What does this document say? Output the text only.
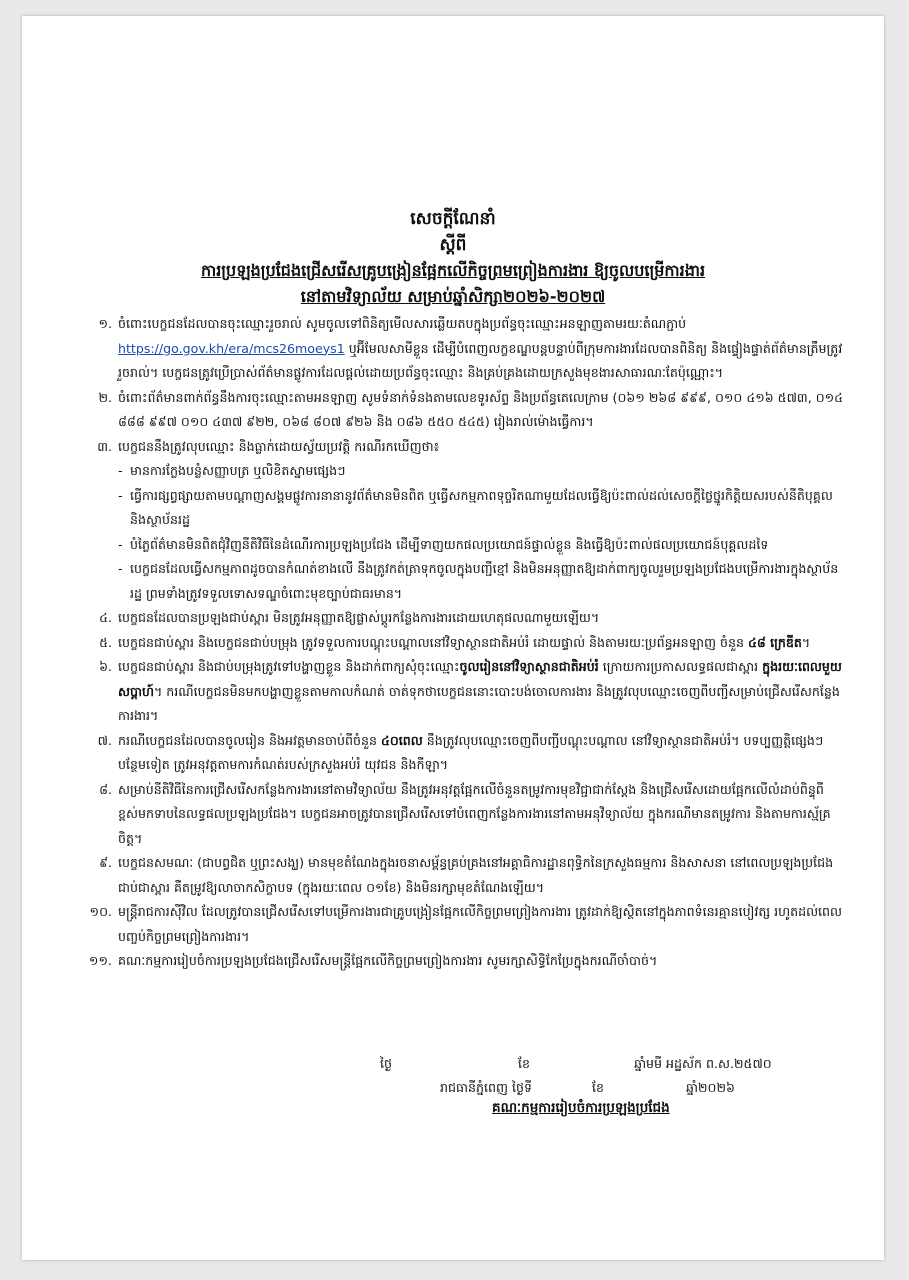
សេចក្ដីណែនាំ
ស្ដីពី
ការប្រឡងប្រជែងជ្រើសរើសគ្រូបង្រៀនផ្អែកលើកិច្ចព្រមព្រៀងការងារ ឱ្យចូលបម្រើការងារ
នៅតាមវិទ្យាល័យ សម្រាប់ឆ្នាំសិក្សា២០២៦-២០២៧
១. ចំពោះបេក្ខជនដែលបានចុះឈ្មោះរួចរាល់ សូមចូលទៅពិនិត្យមើលសារឆ្លើយតបក្នុងប្រព័ន្ធចុះឈ្មោះអនឡាញតាមរយៈតំណភ្ជាប់ https://go.gov.kh/era/mcs26moeys1 ឬអ៊ីមែលសាមីខ្លួន ដើម្បីបំពេញលក្ខខណ្ឌបន្តបន្ទាប់ពីក្រុមការងារដែលបានពិនិត្យ និងផ្ទៀងផ្ទាត់ព័ត៌មានត្រឹមត្រូវរួចរាល់។ បេក្ខជនត្រូវប្រើប្រាស់ព័ត៌មានផ្លូវការដែលផ្ដល់ដោយប្រព័ន្ធចុះឈ្មោះ និងគ្រប់គ្រងដោយក្រសួងមុខងារសាធារណៈតែប៉ុណ្ណោះ។
២. ចំពោះព័ត៌មានពាក់ព័ន្ធនឹងការចុះឈ្មោះតាមអនឡាញ សូមទំនាក់ទំនងតាមលេខទូរស័ព្ទ និងប្រព័ន្ធតេលេក្រាម (០៦១ ២៦៨ ៩៩៩, ០១០ ៤១៦ ៥៧៣, ០១៤ ៨៨៨ ៩៩៧ ០១០ ៤៣៧ ៩២២, ០៦៨ ៨០៧ ៩២៦ និង ០៨៦ ៥៥០ ៥៤៥) រៀងរាល់ម៉ោងធ្វើការ។
៣. បេក្ខជននឹងត្រូវលុបឈ្មោះ និងធ្លាក់ដោយស្វ័យប្រវត្តិ ករណីរកឃើញថា៖
- មានការក្លែងបន្លំសញ្ញាបត្រ ឬលិខិតស្នាមផ្សេងៗ
- ធ្វើការផ្សព្វផ្សាយតាមបណ្ដាញសង្គមផ្លូវការនានានូវព័ត៌មានមិនពិត ឬធ្វើសកម្មភាពទុច្ចរិតណាមួយដែលធ្វើឱ្យប៉ះពាល់ដល់សេចក្ដីថ្លៃថ្នូរកិត្តិយសរបស់នីតិបុគ្គល និងស្ថាប័នរដ្ឋ
- បំភ្លៃព័ត៌មានមិនពិតជុំវិញនីតិវិធីនៃដំណើរការប្រឡងប្រជែង ដើម្បីទាញយកផលប្រយោជន៍ផ្ទាល់ខ្លួន និងធ្វើឱ្យប៉ះពាល់ផលប្រយោជន៍បុគ្គលដទៃ
- បេក្ខជនដែលធ្វើសកម្មភាពដូចបានកំណត់ខាងលើ នឹងត្រូវកត់ត្រាទុកចូលក្នុងបញ្ជីខ្មៅ និងមិនអនុញ្ញាតឱ្យដាក់ពាក្យចូលរួមប្រឡងប្រជែងបម្រើការងារក្នុងស្ថាប័នរដ្ឋ ព្រមទាំងត្រូវទទួលទោសទណ្ឌចំពោះមុខច្បាប់ជាធរមាន។
៤. បេក្ខជនដែលបានប្រឡងជាប់ស្ពារ មិនត្រូវអនុញ្ញាតឱ្យផ្លាស់ប្ដូរកន្លែងការងារដោយហេតុផលណាមួយឡើយ។
៥. បេក្ខជនជាប់ស្ពារ និងបេក្ខជនជាប់បម្រុង ត្រូវទទួលការបណ្ដុះបណ្ដាលនៅវិទ្យាស្ថានជាតិអប់រំ ដោយផ្ទាល់ និងតាមរយៈប្រព័ន្ធអនឡាញ ចំនួន ៤៨ ក្រេឌីត។
៦. បេក្ខជនជាប់ស្ពារ និងជាប់បម្រុងត្រូវទៅបង្ហាញខ្លួន និងដាក់ពាក្យសុំចុះឈ្មោះចូលរៀននៅវិទ្យាស្ថានជាតិអប់រំ ក្រោយការប្រកាសលទ្ធផលជាស្ពារ ក្នុងរយៈពេលមួយសប្ដាហ៍។ ករណីបេក្ខជនមិនមកបង្ហាញខ្លួនតាមកាលកំណត់ ចាត់ទុកថាបេក្ខជននោះបោះបង់ចោលការងារ និងត្រូវលុបឈ្មោះចេញពីបញ្ជីសម្រាប់ជ្រើសរើសកន្លែងការងារ។
៧. ករណីបេក្ខជនដែលបានចូលរៀន និងអវត្តមានចាប់ពីចំនួន ៤០ពេល នឹងត្រូវលុបឈ្មោះចេញពីបញ្ជីបណ្ដុះបណ្ដាល នៅវិទ្យាស្ថានជាតិអប់រំ។ បទប្បញ្ញត្តិផ្សេងៗបន្ថែមទៀត ត្រូវអនុវត្តតាមការកំណត់របស់ក្រសួងអប់រំ យុវជន និងកីឡា។
៨. សម្រាប់នីតិវិធីនៃការជ្រើសរើសកន្លែងការងារនៅតាមវិទ្យាល័យ នឹងត្រូវអនុវត្តផ្អែកលើចំនួនតម្រូវការមុខវិជ្ជាជាក់ស្ដែង និងជ្រើសរើសដោយផ្អែកលើលំដាប់ពិន្ទុពីខ្ពស់មកទាបនៃលទ្ធផលប្រឡងប្រជែង។ បេក្ខជនអាចត្រូវបានជ្រើសរើសទៅបំពេញកន្លែងការងារនៅតាមអនុវិទ្យាល័យ ក្នុងករណីមានតម្រូវការ និងតាមការស្ម័គ្រចិត្ត។
៩. បេក្ខជនសមណៈ (ជាបព្វជិត ឬព្រះសង្ឃ) មានមុខតំណែងក្នុងរចនាសម្ព័ន្ធគ្រប់គ្រងនៅអគ្គាធិការដ្ឋានពុទ្ធិកនៃក្រសួងធម្មការ និងសាសនា នៅពេលប្រឡងប្រជែងជាប់ជាស្ពារ គឺតម្រូវឱ្យលាចាកសិក្ខាបទ (ក្នុងរយៈពេល ០១ខែ) និងមិនរក្សាមុខតំណែងឡើយ។
១០. មន្ត្រីរាជការស៊ីវិល ដែលត្រូវបានជ្រើសរើសទៅបម្រើការងារជាគ្រូបង្រៀនផ្អែកលើកិច្ចព្រមព្រៀងការងារ ត្រូវដាក់ឱ្យស្ថិតនៅក្នុងភាពទំនេរគ្មានបៀវត្ស រហូតដល់ពេលបញ្ចប់កិច្ចព្រមព្រៀងការងារ។
១១. គណៈកម្មការរៀបចំការប្រឡងប្រជែងជ្រើសរើសមន្ត្រីផ្អែកលើកិច្ចព្រមព្រៀងការងារ សូមរក្សាសិទ្ធិកែប្រែក្នុងករណីចាំបាច់។
ថ្ងៃ	ខែ	ឆ្នាំមមី អដ្ឋស័ក ព.ស.២៥៧០
រាជធានីភ្នំពេញ ថ្ងៃទី	ខែ	ឆ្នាំ២០២៦
គណៈកម្មការរៀបចំការប្រឡងប្រជែង
